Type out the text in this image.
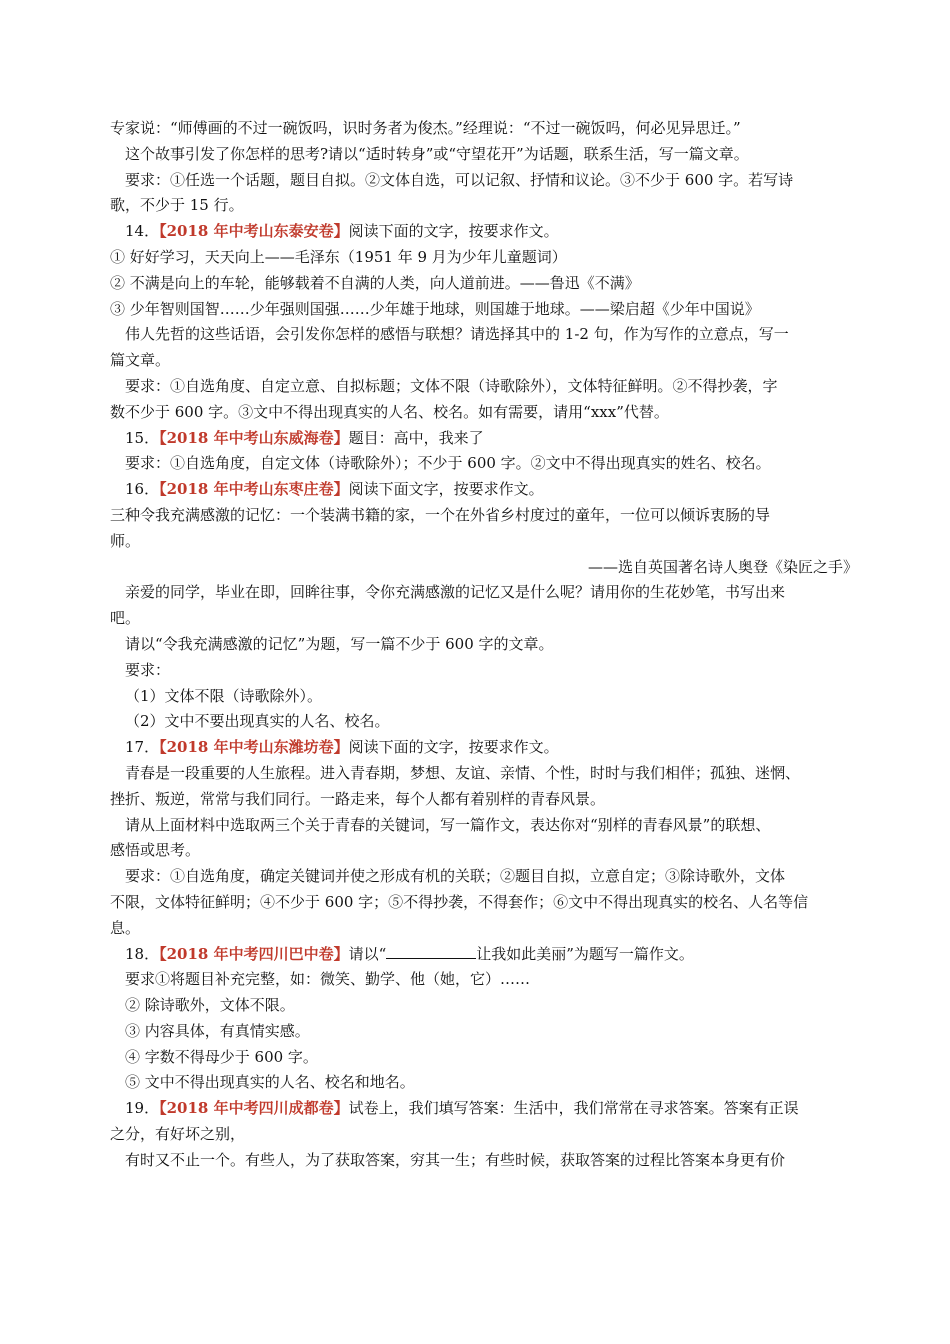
专家说：“师傅画的不过一碗饭吗，识时务者为俊杰。”经理说：“不过一碗饭吗，何必见异思迁。”
这个故事引发了你怎样的思考?请以“适时转身”或“守望花开”为话题，联系生活，写一篇文章。
要求：①任选一个话题，题目自拟。②文体自选，可以记叙、抒情和议论。③不少于 600 字。若写诗
歌，不少于 15 行。
14．【2018 年中考山东泰安卷】阅读下面的文字，按要求作文。
① 好好学习，天天向上——毛泽东（1951 年 9 月为少年儿童题词）
② 不满是向上的车轮，能够载着不自满的人类，向人道前进。——鲁迅《不满》
③ 少年智则国智……少年强则国强……少年雄于地球，则国雄于地球。——梁启超《少年中国说》
伟人先哲的这些话语，会引发你怎样的感悟与联想？请选择其中的 1-2 句，作为写作的立意点，写一
篇文章。
要求：①自选角度、自定立意、自拟标题；文体不限（诗歌除外），文体特征鲜明。②不得抄袭，字
数不少于 600 字。③文中不得出现真实的人名、校名。如有需要，请用“xxx”代替。
15．【2018 年中考山东威海卷】题目：高中，我来了
要求：①自选角度，自定文体（诗歌除外）；不少于 600 字。②文中不得出现真实的姓名、校名。
16．【2018 年中考山东枣庄卷】阅读下面文字，按要求作文。
三种令我充满感激的记忆：一个装满书籍的家，一个在外省乡村度过的童年，一位可以倾诉衷肠的导
师。
——选自英国著名诗人奥登《染匠之手》
亲爱的同学，毕业在即，回眸往事，令你充满感激的记忆又是什么呢？请用你的生花妙笔，书写出来
吧。
请以“令我充满感激的记忆”为题，写一篇不少于 600 字的文章。
要求：
（1）文体不限（诗歌除外）。
（2）文中不要出现真实的人名、校名。
17．【2018 年中考山东潍坊卷】阅读下面的文字，按要求作文。
青春是一段重要的人生旅程。进入青春期，梦想、友谊、亲情、个性，时时与我们相伴；孤独、迷惘、
挫折、叛逆，常常与我们同行。一路走来，每个人都有着别样的青春风景。
请从上面材料中选取两三个关于青春的关键词，写一篇作文，表达你对“别样的青春风景”的联想、
感悟或思考。
要求：①自选角度，确定关键词并使之形成有机的关联；②题目自拟，立意自定；③除诗歌外，文体
不限，文体特征鲜明；④不少于 600 字；⑤不得抄袭，不得套作；⑥文中不得出现真实的校名、人名等信
息。
18．【2018 年中考四川巴中卷】请以“	让我如此美丽”为题写一篇作文。
要求①将题目补充完整，如：微笑、勤学、他（她，它）……
② 除诗歌外，文体不限。
③ 内容具体，有真情实感。
④ 字数不得母少于 600 字。
⑤ 文中不得出现真实的人名、校名和地名。
19．【2018 年中考四川成都卷】试卷上，我们填写答案：生活中，我们常常在寻求答案。答案有正误
之分，有好坏之别，
有时又不止一个。有些人，为了获取答案，穷其一生；有些时候，获取答案的过程比答案本身更有价
